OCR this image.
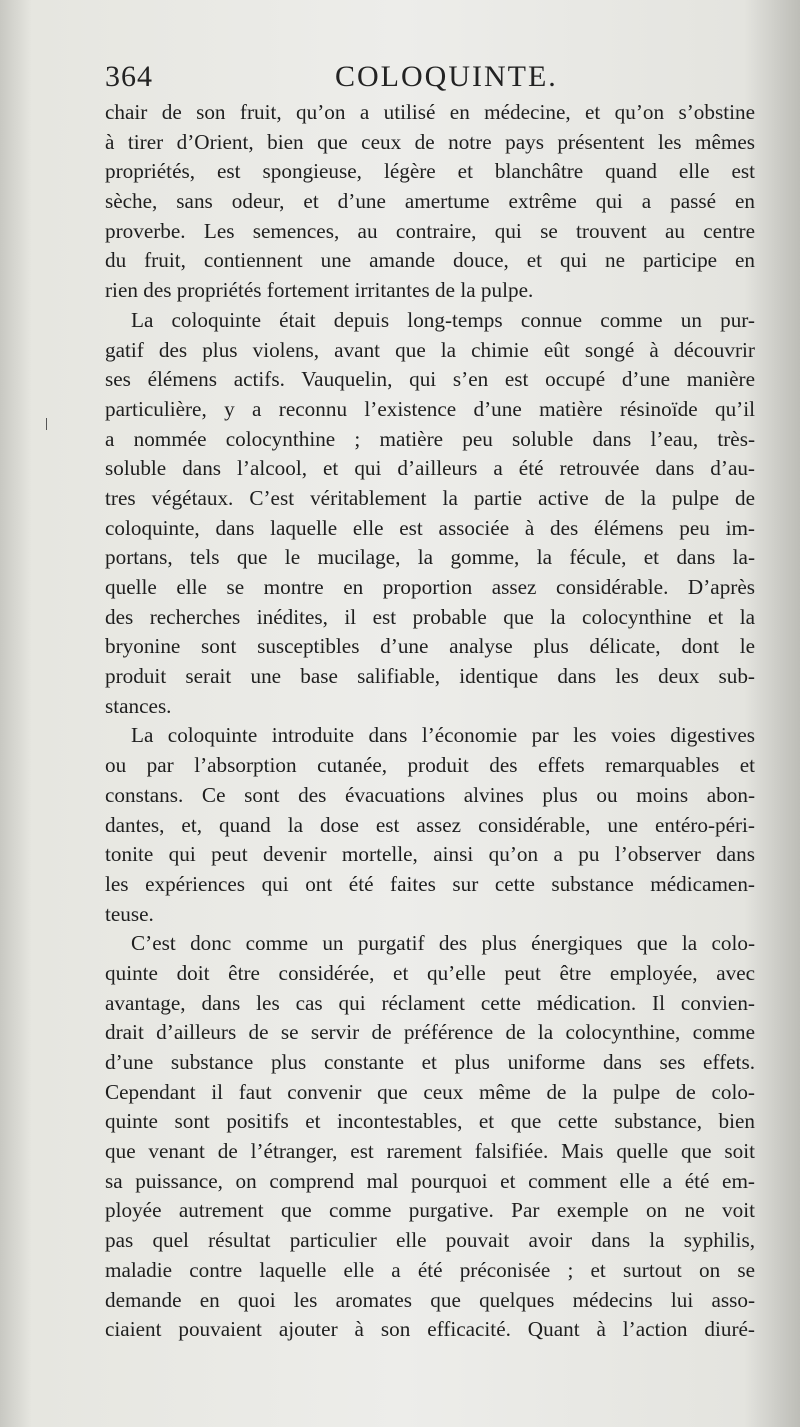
364	COLOQUINTE.
chair de son fruit, qu’on a utilisé en médecine, et qu’on s’obstine
à tirer d’Orient, bien que ceux de notre pays présentent les mêmes
propriétés, est spongieuse, légère et blanchâtre quand elle est
sèche, sans odeur, et d’une amertume extrême qui a passé en
proverbe. Les semences, au contraire, qui se trouvent au centre
du fruit, contiennent une amande douce, et qui ne participe en
rien des propriétés fortement irritantes de la pulpe.
La coloquinte était depuis long-temps connue comme un pur-
gatif des plus violens, avant que la chimie eût songé à découvrir
ses élémens actifs. Vauquelin, qui s’en est occupé d’une manière
particulière, y a reconnu l’existence d’une matière résinoïde qu’il
a nommée colocynthine ; matière peu soluble dans l’eau, très-
soluble dans l’alcool, et qui d’ailleurs a été retrouvée dans d’au-
tres végétaux. C’est véritablement la partie active de la pulpe de
coloquinte, dans laquelle elle est associée à des élémens peu im-
portans, tels que le mucilage, la gomme, la fécule, et dans la-
quelle elle se montre en proportion assez considérable. D’après
des recherches inédites, il est probable que la colocynthine et la
bryonine sont susceptibles d’une analyse plus délicate, dont le
produit serait une base salifiable, identique dans les deux sub-
stances.
La coloquinte introduite dans l’économie par les voies digestives
ou par l’absorption cutanée, produit des effets remarquables et
constans. Ce sont des évacuations alvines plus ou moins abon-
dantes, et, quand la dose est assez considérable, une entéro-péri-
tonite qui peut devenir mortelle, ainsi qu’on a pu l’observer dans
les expériences qui ont été faites sur cette substance médicamen-
teuse.
C’est donc comme un purgatif des plus énergiques que la colo-
quinte doit être considérée, et qu’elle peut être employée, avec
avantage, dans les cas qui réclament cette médication. Il convien-
drait d’ailleurs de se servir de préférence de la colocynthine, comme
d’une substance plus constante et plus uniforme dans ses effets.
Cependant il faut convenir que ceux même de la pulpe de colo-
quinte sont positifs et incontestables, et que cette substance, bien
que venant de l’étranger, est rarement falsifiée. Mais quelle que soit
sa puissance, on comprend mal pourquoi et comment elle a été em-
ployée autrement que comme purgative. Par exemple on ne voit
pas quel résultat particulier elle pouvait avoir dans la syphilis,
maladie contre laquelle elle a été préconisée ; et surtout on se
demande en quoi les aromates que quelques médecins lui asso-
ciaient pouvaient ajouter à son efficacité. Quant à l’action diuré-
